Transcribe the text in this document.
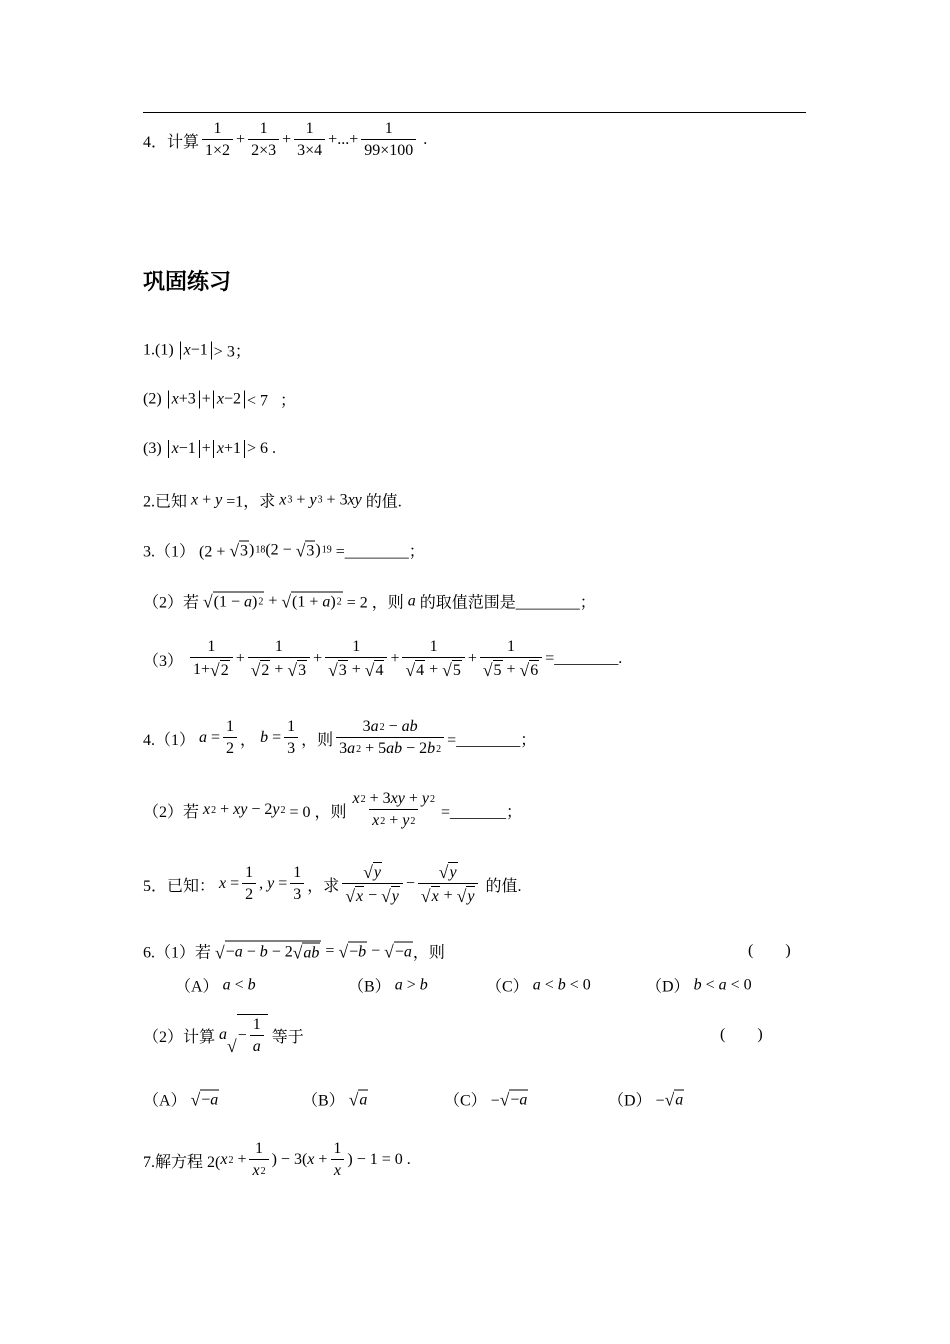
4．计算 $\frac{1}{1\times 2} + \frac{1}{2\times 3} + \frac{1}{3\times 4}$ +...+ $\frac{1}{99\times 100}$ .
巩固练习
1.(1) x −1 > 3；
(2) x +3 + x −2 < 7   ；
(3) x −1 + x +1 > 6 .
2.已知 x + y =1，求 x 3 + y 3 + 3 xy 的值.
3.（1） (2 + √ 3 ) 18 (2 − √ 3 ) 19 =________；
（2）若 √ (1 − a ) 2 + √ (1 + a ) 2 = 2 ，则 a 的取值范围是________；
$(3) \frac{1}{1+ √ 2} + \frac{1}{√ 2 + √ 3} + \frac{1}{√ 3 + √ 4} + \frac{1}{√ 4 + √ 5} + \frac{1}{√ 5 + √ 6}$ =________.
4.（1） $a = \frac{1}{2}$ ， $b = \frac{1}{3}$ ，则 $\frac{3 a 2 - ab}{3 a 2 + 5 ab - 2 b 2}$ =________；
（2）若 x 2 + xy − 2 y 2 = 0 ，则 $\frac{x 2 + 3 xy + y 2}{x 2 + y 2}$ =_______；
5．已知： $x = \frac{1}{2}$ , $y = \frac{1}{3}$ ，求 $\frac{√ y}{√ x - √ y} - \frac{√ y}{√ x + √ y}$ 的值.
6.（1）若 √ − a − b − 2 √ ab = √ − b − √ − a ，则	(        )
（A） a < b	（B） a > b	（C） a < b < 0	（D） b < a < 0
（2）计算 a
√
− $\frac{1}{a}$ 等于	(        )
（A） √ − a	（B） √ a	（C） − √ − a	（D） − √ a
7.解方程 2( x $2 + \frac{1}{x 2}$ ) − 3( $x + \frac{1}{x}$ ) − 1 = 0 .
